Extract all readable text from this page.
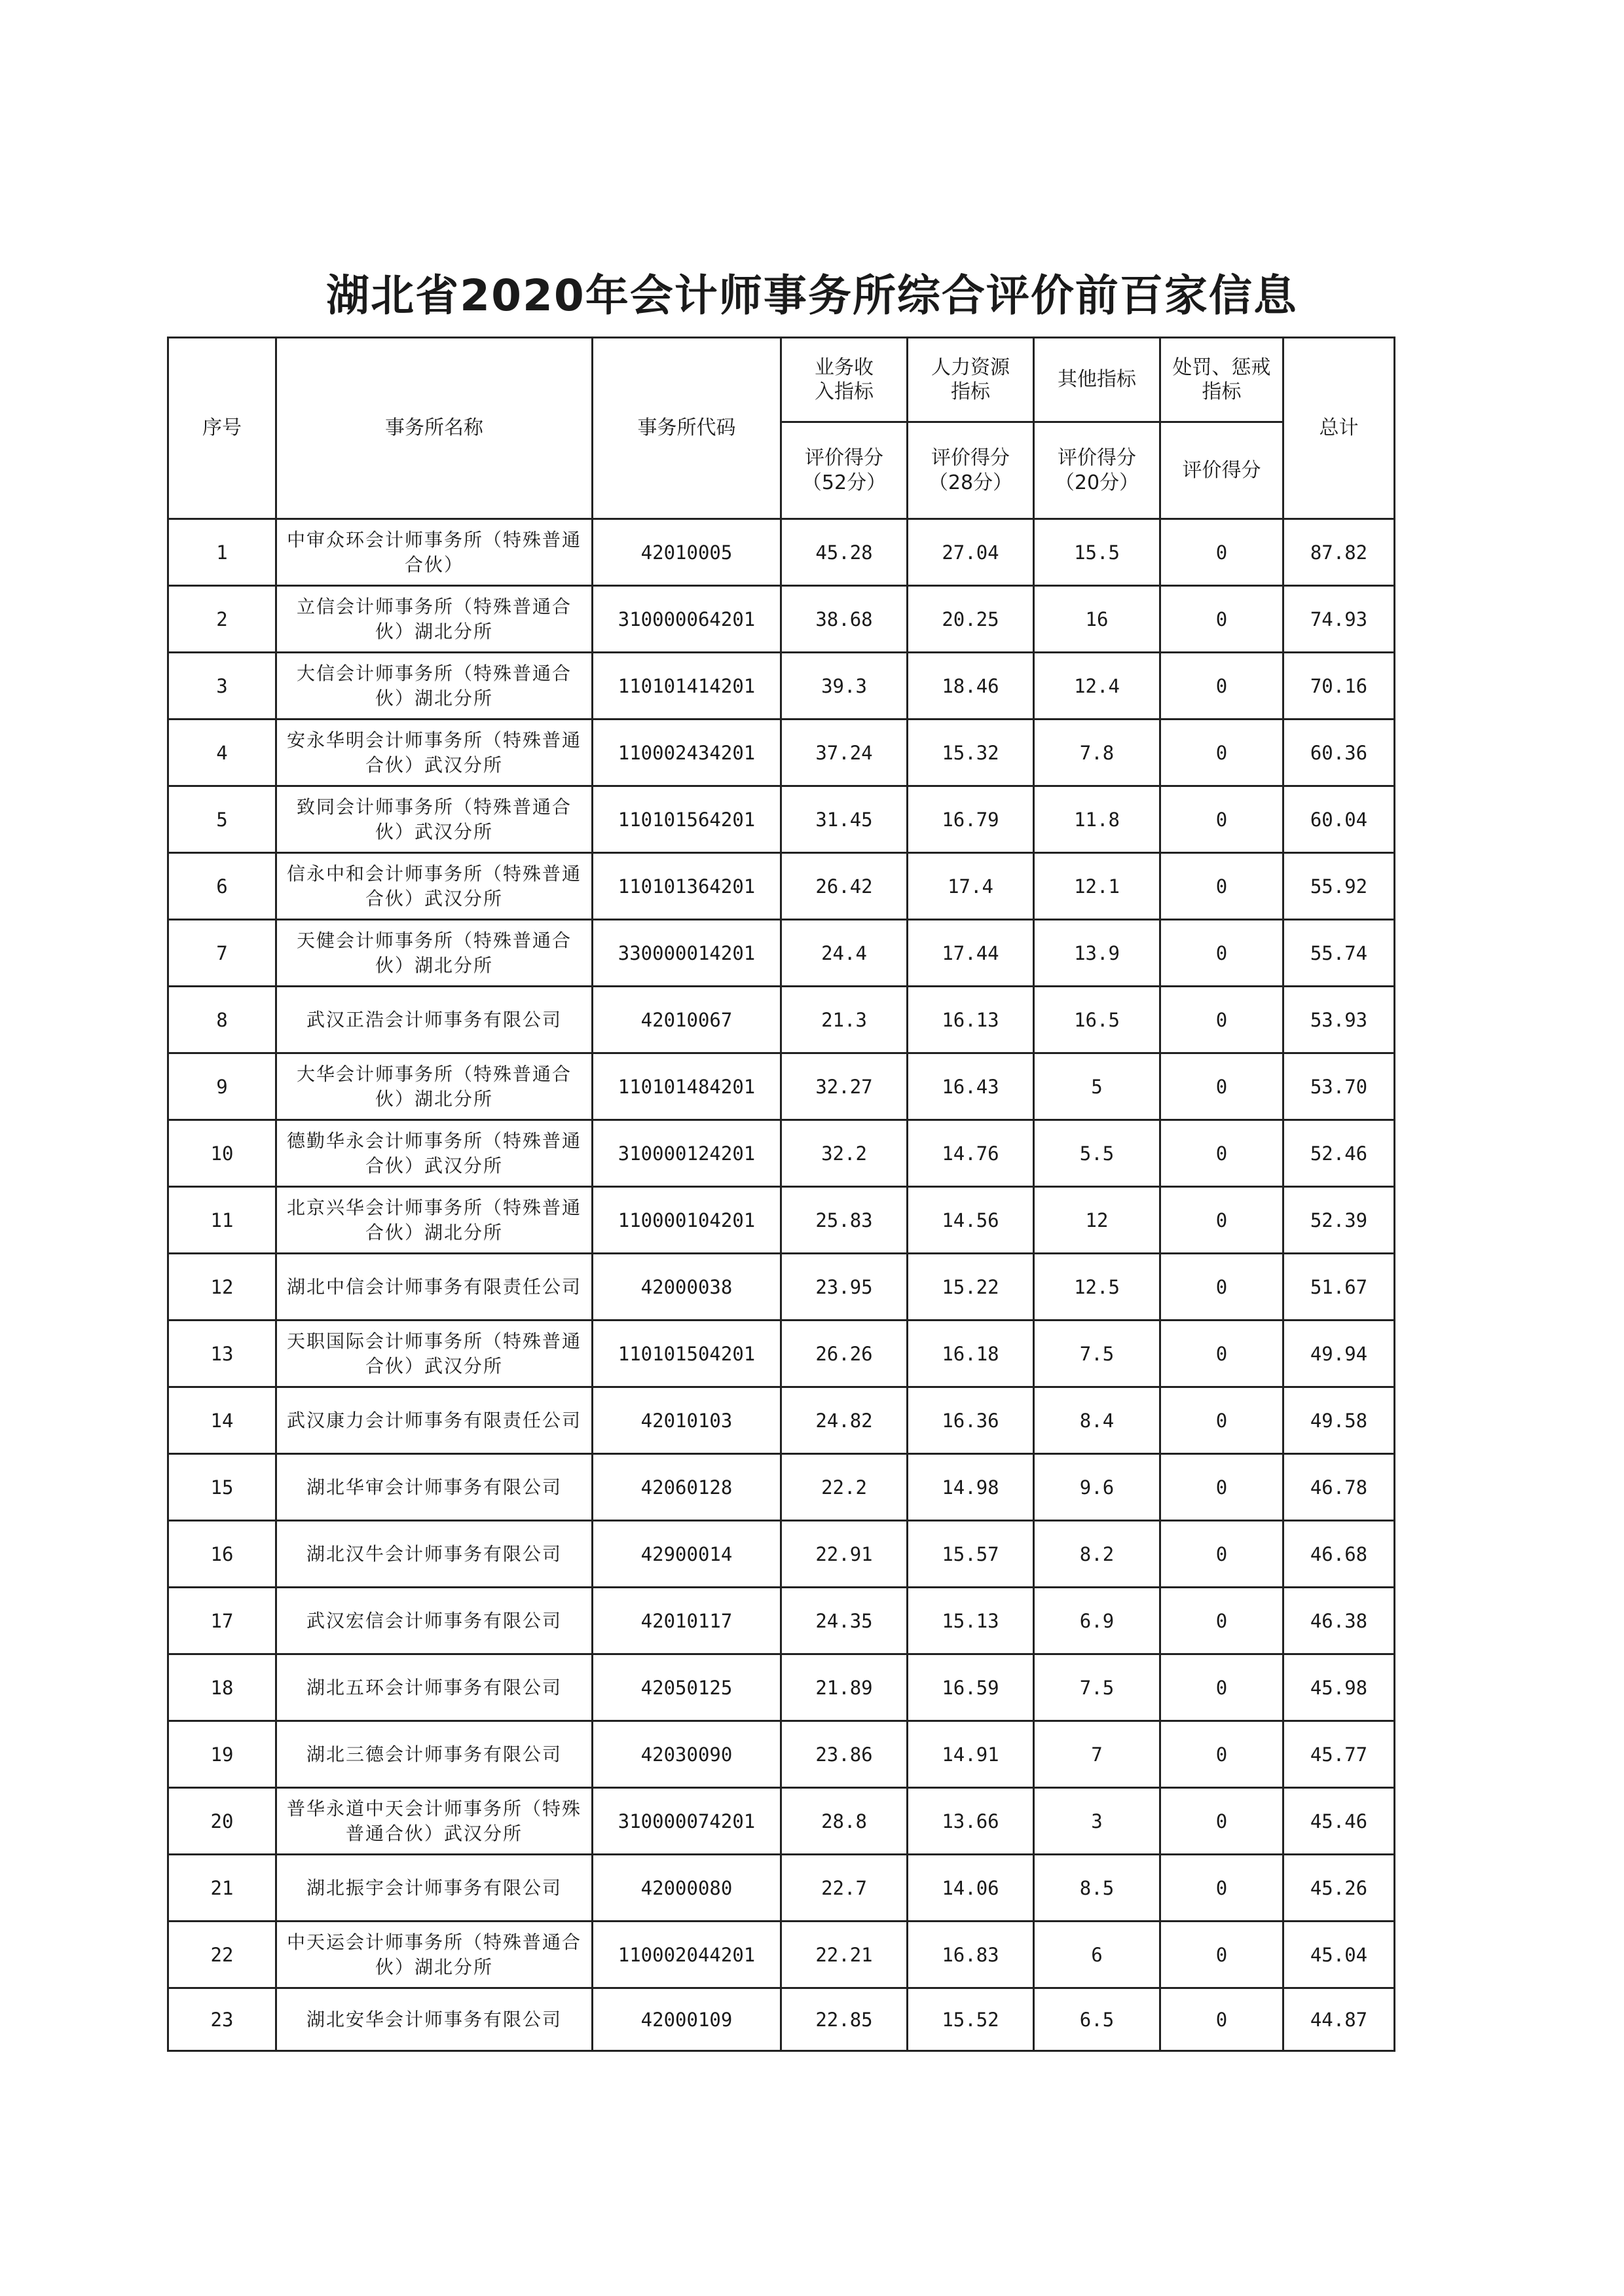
湖北省2020年会计师事务所综合评价前百家信息
序号	事务所名称	事务所代码	业务收入指标	人力资源指标	其他指标	处罚、惩戒指标	总计
			评价得分（52分）	评价得分（28分）	评价得分（20分）	评价得分	
1	中审众环会计师事务所（特殊普通合伙）	42010005	45.28	27.04	15.5	0	87.82
2	立信会计师事务所（特殊普通合伙）湖北分所	310000064201	38.68	20.25	16	0	74.93
3	大信会计师事务所（特殊普通合伙）湖北分所	110101414201	39.3	18.46	12.4	0	70.16
4	安永华明会计师事务所（特殊普通合伙）武汉分所	110002434201	37.24	15.32	7.8	0	60.36
5	致同会计师事务所（特殊普通合伙）武汉分所	110101564201	31.45	16.79	11.8	0	60.04
6	信永中和会计师事务所（特殊普通合伙）武汉分所	110101364201	26.42	17.4	12.1	0	55.92
7	天健会计师事务所（特殊普通合伙）湖北分所	330000014201	24.4	17.44	13.9	0	55.74
8	武汉正浩会计师事务有限公司	42010067	21.3	16.13	16.5	0	53.93
9	大华会计师事务所（特殊普通合伙）湖北分所	110101484201	32.27	16.43	5	0	53.70
10	德勤华永会计师事务所（特殊普通合伙）武汉分所	310000124201	32.2	14.76	5.5	0	52.46
11	北京兴华会计师事务所（特殊普通合伙）湖北分所	110000104201	25.83	14.56	12	0	52.39
12	湖北中信会计师事务有限责任公司	42000038	23.95	15.22	12.5	0	51.67
13	天职国际会计师事务所（特殊普通合伙）武汉分所	110101504201	26.26	16.18	7.5	0	49.94
14	武汉康力会计师事务有限责任公司	42010103	24.82	16.36	8.4	0	49.58
15	湖北华审会计师事务有限公司	42060128	22.2	14.98	9.6	0	46.78
16	湖北汉牛会计师事务有限公司	42900014	22.91	15.57	8.2	0	46.68
17	武汉宏信会计师事务有限公司	42010117	24.35	15.13	6.9	0	46.38
18	湖北五环会计师事务有限公司	42050125	21.89	16.59	7.5	0	45.98
19	湖北三德会计师事务有限公司	42030090	23.86	14.91	7	0	45.77
20	普华永道中天会计师事务所（特殊普通合伙）武汉分所	310000074201	28.8	13.66	3	0	45.46
21	湖北振宇会计师事务有限公司	42000080	22.7	14.06	8.5	0	45.26
22	中天运会计师事务所（特殊普通合伙）湖北分所	110002044201	22.21	16.83	6	0	45.04
23	湖北安华会计师事务有限公司	42000109	22.85	15.52	6.5	0	44.87
